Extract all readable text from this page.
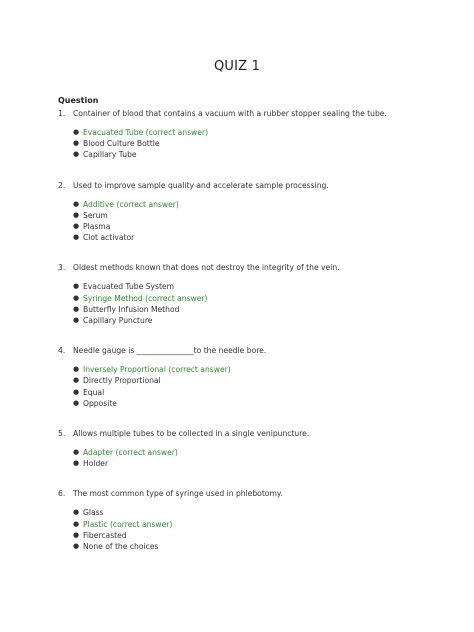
QUIZ 1

Question

1.	Container of blood that contains a vacuum with a rubber stopper sealing the tube.
● Evacuated Tube (correct answer)
● Blood Culture Bottle
● Capillary Tube
2.	Used to improve sample quality and accelerate sample processing.
● Additive (correct answer)
● Serum
● Plasma
● Clot activator
3.	Oldest methods known that does not destroy the integrity of the vein.
● Evacuated Tube System
● Syringe Method (correct answer)
● Butterfly Infusion Method
● Capillary Puncture
4.	Needle gauge is _______________to the needle bore.
● Inversely Proportional (correct answer)
● Directly Proportional
● Equal
● Opposite
5.	Allows multiple tubes to be collected in a single venipuncture.
● Adapter (correct answer)
● Holder
6.	The most common type of syringe used in phlebotomy.
● Glass
● Plastic (correct answer)
● Fibercasted
● None of the choices
